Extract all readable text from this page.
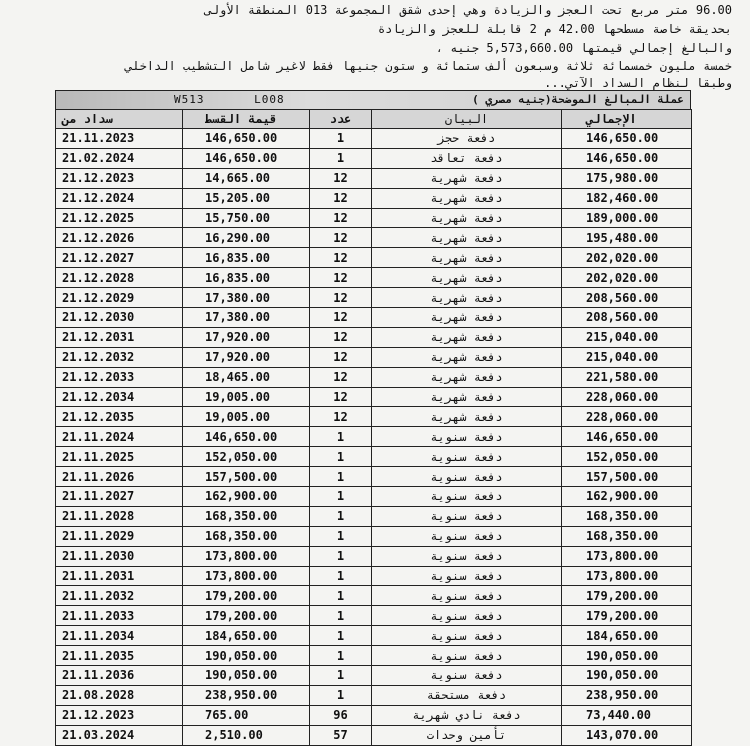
96.00 متر مربع تحت العجز والزيادة وهي إحدى شقق المجموعة 013 المنطقة الأولى
بحديقة خاصة مسطحها 42.00 م 2 قابلة للعجز والزيادة
والبالغ إجمالي قيمتها 5,573,660.00 جنيه ،
خمسة مليون خمسمائة ثلاثة وسبعون ألف ستمائة و ستون جنيها فقط لاغير شامل التشطيب الداخلي
وطبقا لنظام السداد الآتي...
W513	L008	عملة المبالغ الموضحة(جنيه مصري )
سداد من	قيمة القسط	عدد	البيان	الإجمالي
21.11.2023	146,650.00	1	دفعة حجز	146,650.00
21.02.2024	146,650.00	1	دفعة تعاقد	146,650.00
21.12.2023	14,665.00	12	دفعة شهرية	175,980.00
21.12.2024	15,205.00	12	دفعة شهرية	182,460.00
21.12.2025	15,750.00	12	دفعة شهرية	189,000.00
21.12.2026	16,290.00	12	دفعة شهرية	195,480.00
21.12.2027	16,835.00	12	دفعة شهرية	202,020.00
21.12.2028	16,835.00	12	دفعة شهرية	202,020.00
21.12.2029	17,380.00	12	دفعة شهرية	208,560.00
21.12.2030	17,380.00	12	دفعة شهرية	208,560.00
21.12.2031	17,920.00	12	دفعة شهرية	215,040.00
21.12.2032	17,920.00	12	دفعة شهرية	215,040.00
21.12.2033	18,465.00	12	دفعة شهرية	221,580.00
21.12.2034	19,005.00	12	دفعة شهرية	228,060.00
21.12.2035	19,005.00	12	دفعة شهرية	228,060.00
21.11.2024	146,650.00	1	دفعة سنوية	146,650.00
21.11.2025	152,050.00	1	دفعة سنوية	152,050.00
21.11.2026	157,500.00	1	دفعة سنوية	157,500.00
21.11.2027	162,900.00	1	دفعة سنوية	162,900.00
21.11.2028	168,350.00	1	دفعة سنوية	168,350.00
21.11.2029	168,350.00	1	دفعة سنوية	168,350.00
21.11.2030	173,800.00	1	دفعة سنوية	173,800.00
21.11.2031	173,800.00	1	دفعة سنوية	173,800.00
21.11.2032	179,200.00	1	دفعة سنوية	179,200.00
21.11.2033	179,200.00	1	دفعة سنوية	179,200.00
21.11.2034	184,650.00	1	دفعة سنوية	184,650.00
21.11.2035	190,050.00	1	دفعة سنوية	190,050.00
21.11.2036	190,050.00	1	دفعة سنوية	190,050.00
21.08.2028	238,950.00	1	دفعة مستحقة	238,950.00
21.12.2023	765.00	96	دفعة نادي شهرية	73,440.00
21.03.2024	2,510.00	57	تأمين وحدات	143,070.00
